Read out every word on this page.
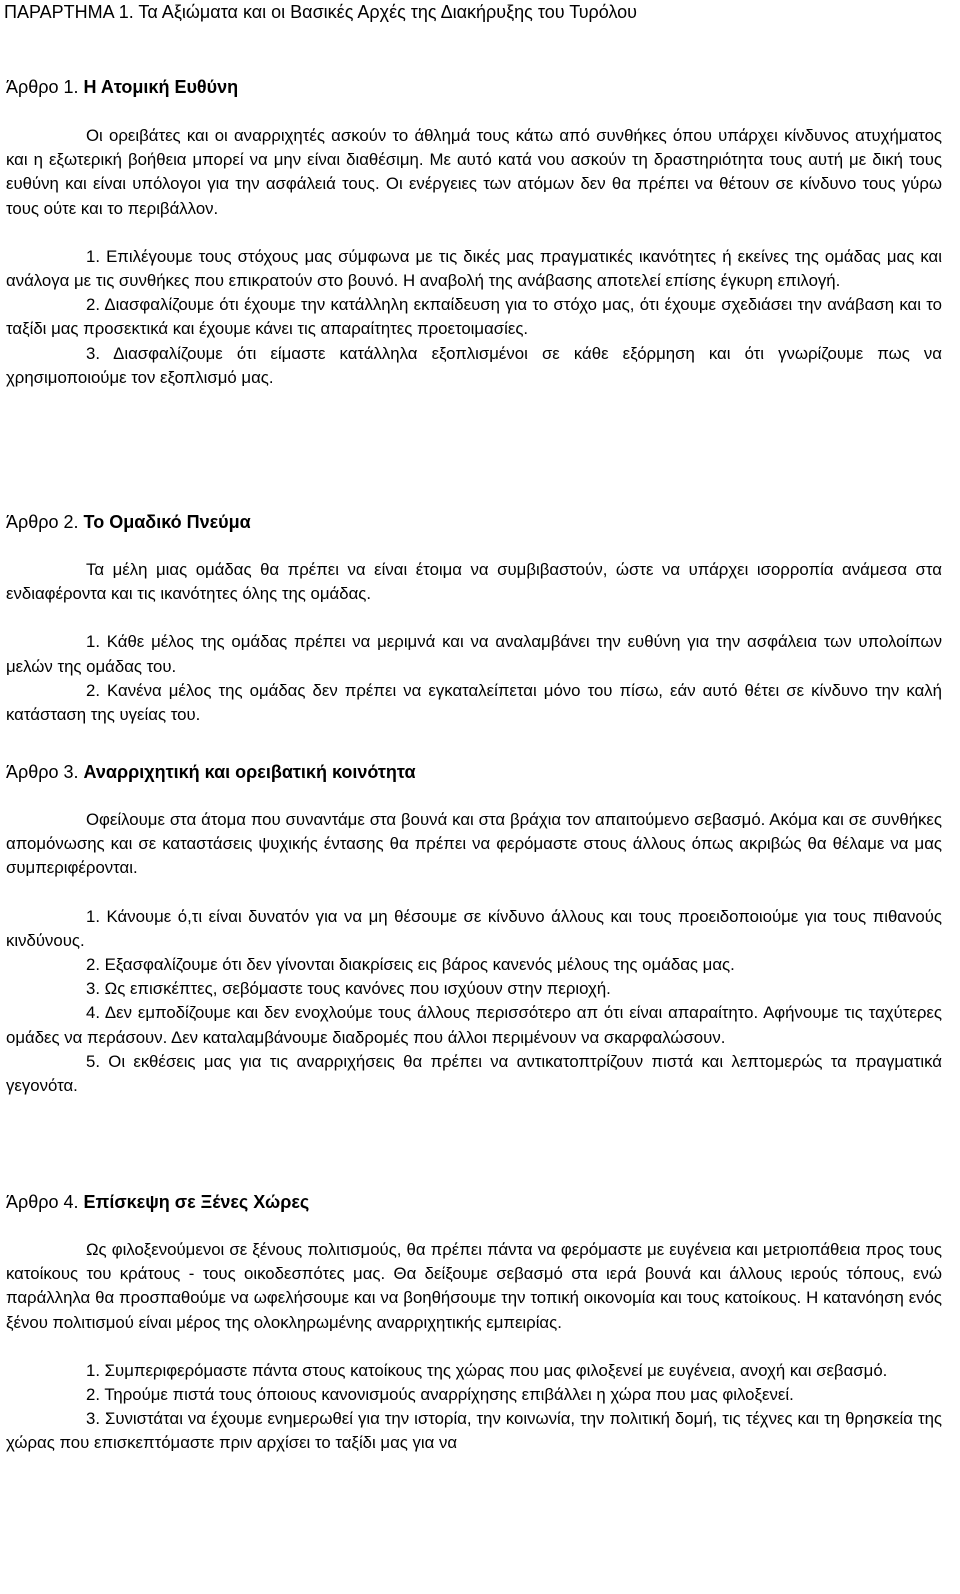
ΠΑΡΑΡΤΗΜΑ 1. Τα Αξιώματα και οι Βασικές Αρχές της Διακήρυξης του Τυρόλου
Άρθρο 1. Η Ατομική Ευθύνη

Οι ορειβάτες και οι αναρριχητές ασκούν το άθλημά τους κάτω από συνθήκες όπου υπάρχει κίνδυνος ατυχήματος και η εξωτερική βοήθεια μπορεί να μην είναι διαθέσιμη. Με αυτό κατά νου ασκούν τη δραστηριότητα τους αυτή με δική τους ευθύνη και είναι υπόλογοι για την ασφάλειά τους. Οι ενέργειες των ατόμων δεν θα πρέπει να θέτουν σε κίνδυνο τους γύρω τους ούτε και το περιβάλλον.

1. Επιλέγουμε τους στόχους μας σύμφωνα με τις δικές μας πραγματικές ικανότητες ή εκείνες της ομάδας μας και ανάλογα με τις συνθήκες που επικρατούν στο βουνό. Η αναβολή της ανάβασης αποτελεί επίσης έγκυρη επιλογή.

2. Διασφαλίζουμε ότι έχουμε την κατάλληλη εκπαίδευση για το στόχο μας, ότι έχουμε σχεδιάσει την ανάβαση και το ταξίδι μας προσεκτικά και έχουμε κάνει τις απαραίτητες προετοιμασίες.

3. Διασφαλίζουμε ότι είμαστε κατάλληλα εξοπλισμένοι σε κάθε εξόρμηση και ότι γνωρίζουμε πως να χρησιμοποιούμε τον εξοπλισμό μας.

Άρθρο 2. Το Ομαδικό Πνεύμα

Τα μέλη μιας ομάδας θα πρέπει να είναι έτοιμα να συμβιβαστούν, ώστε να υπάρχει ισορροπία ανάμεσα στα ενδιαφέροντα και τις ικανότητες όλης της ομάδας.

1. Κάθε μέλος της ομάδας πρέπει να μεριμνά και να αναλαμβάνει την ευθύνη για την ασφάλεια των υπολοίπων μελών της ομάδας του.

2. Κανένα μέλος της ομάδας δεν πρέπει να εγκαταλείπεται μόνο του πίσω, εάν αυτό θέτει σε κίνδυνο την καλή κατάσταση της υγείας του.

Άρθρο 3. Αναρριχητική και ορειβατική κοινότητα

Οφείλουμε στα άτομα που συναντάμε στα βουνά και στα βράχια τον απαιτούμενο σεβασμό. Ακόμα και σε συνθήκες απομόνωσης και σε καταστάσεις ψυχικής έντασης θα πρέπει να φερόμαστε στους άλλους όπως ακριβώς θα θέλαμε να μας συμπεριφέρονται.

1. Κάνουμε ό,τι είναι δυνατόν για να μη θέσουμε σε κίνδυνο άλλους και τους προειδοποιούμε για τους πιθανούς κινδύνους.

2. Εξασφαλίζουμε ότι δεν γίνονται διακρίσεις εις βάρος κανενός μέλους της ομάδας μας.

3. Ως επισκέπτες, σεβόμαστε τους κανόνες που ισχύουν στην περιοχή.

4. Δεν εμποδίζουμε και δεν ενοχλούμε τους άλλους περισσότερο απ ότι είναι απαραίτητο. Αφήνουμε τις ταχύτερες ομάδες να περάσουν. Δεν καταλαμβάνουμε διαδρομές που άλλοι περιμένουν να σκαρφαλώσουν.

5. Οι εκθέσεις μας για τις αναρριχήσεις θα πρέπει να αντικατοπτρίζουν πιστά και λεπτομερώς τα πραγματικά γεγονότα.

Άρθρο 4. Επίσκεψη σε Ξένες Χώρες

Ως φιλοξενούμενοι σε ξένους πολιτισμούς, θα πρέπει πάντα να φερόμαστε με ευγένεια και μετριοπάθεια προς τους κατοίκους του κράτους - τους οικοδεσπότες μας. Θα δείξουμε σεβασμό στα ιερά βουνά και άλλους ιερούς τόπους, ενώ παράλληλα θα προσπαθούμε να ωφελήσουμε και να βοηθήσουμε την τοπική οικονομία και τους κατοίκους. Η κατανόηση ενός ξένου πολιτισμού είναι μέρος της ολοκληρωμένης αναρριχητικής εμπειρίας.

1. Συμπεριφερόμαστε πάντα στους κατοίκους της χώρας που μας φιλοξενεί με ευγένεια, ανοχή και σεβασμό.

2. Τηρούμε πιστά τους όποιους κανονισμούς αναρρίχησης επιβάλλει η χώρα που μας φιλοξενεί.

3. Συνιστάται να έχουμε ενημερωθεί για την ιστορία, την κοινωνία, την πολιτική δομή, τις τέχνες και τη θρησκεία της χώρας που επισκεπτόμαστε πριν αρχίσει το ταξίδι μας για να
